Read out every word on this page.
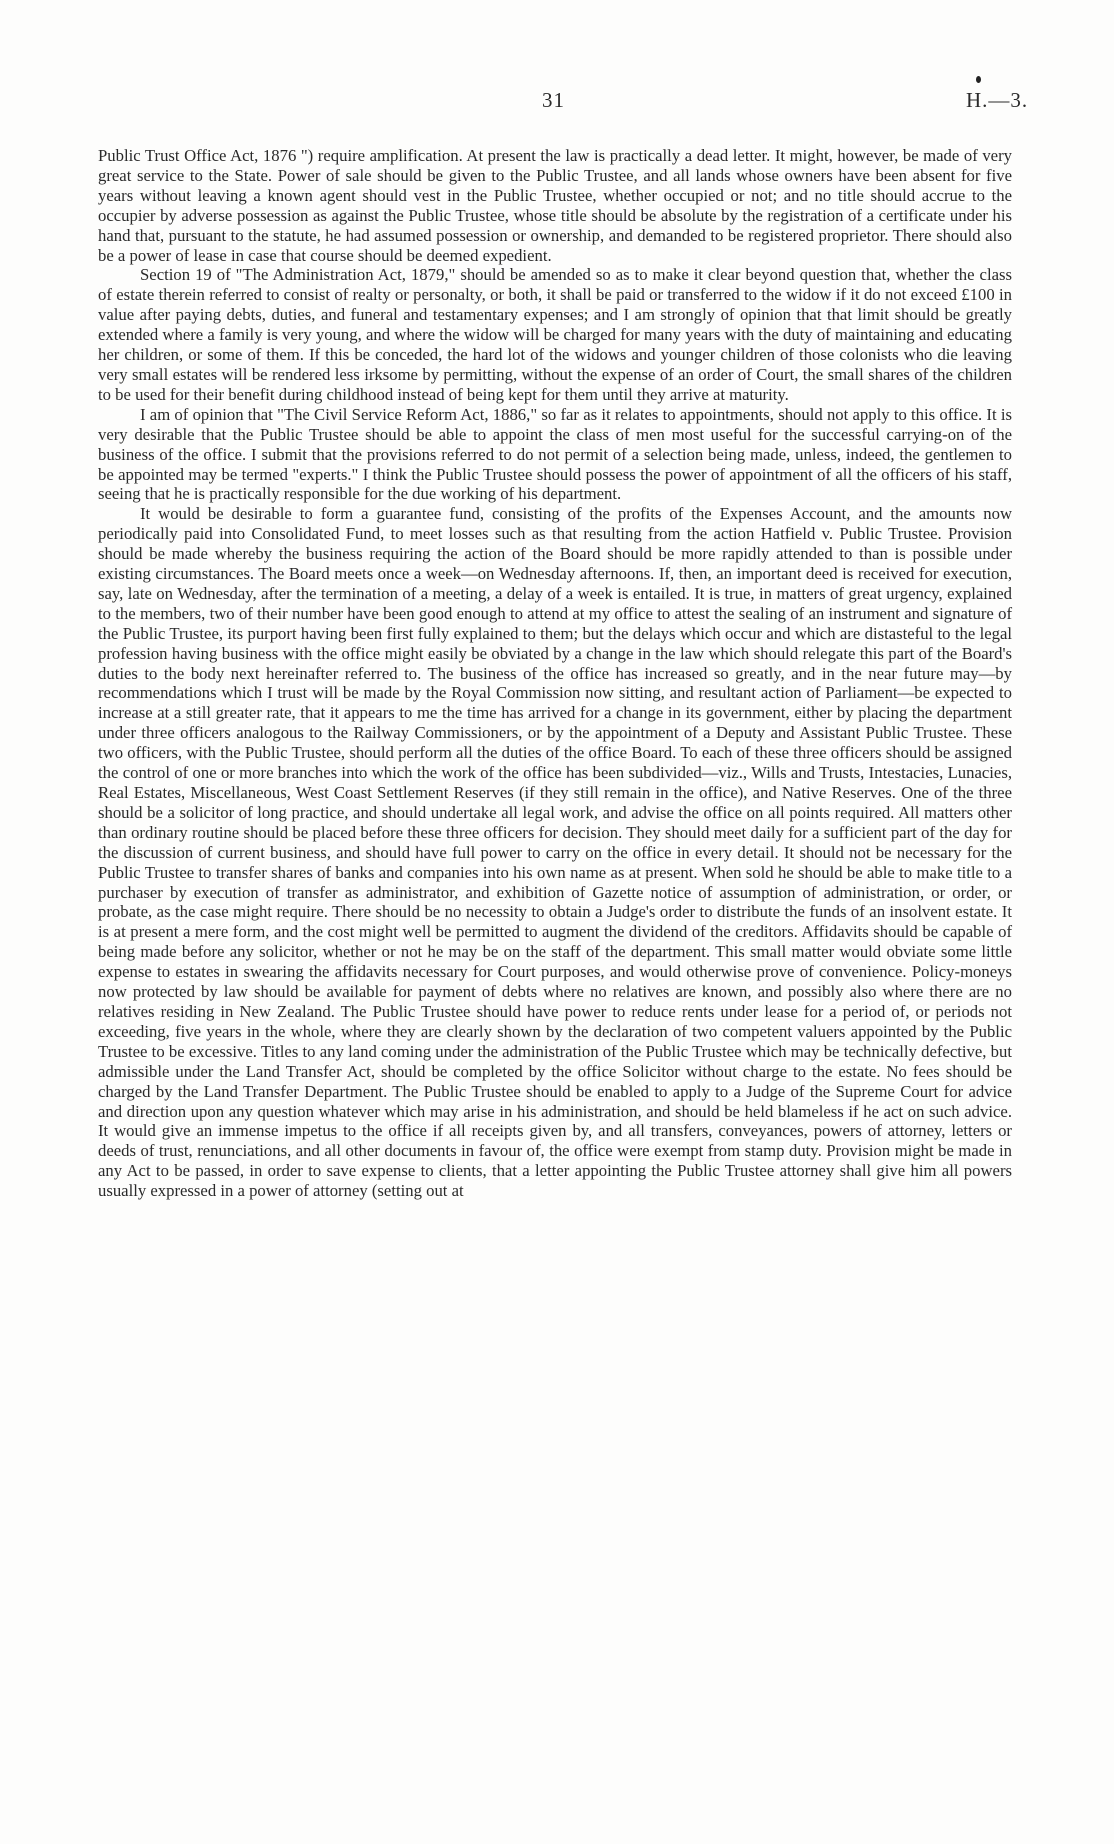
31	H.—3.

Public Trust Office Act, 1876 ") require amplification. At present the law is practically a dead letter. It might, however, be made of very great service to the State. Power of sale should be given to the Public Trustee, and all lands whose owners have been absent for five years without leaving a known agent should vest in the Public Trustee, whether occupied or not; and no title should accrue to the occupier by adverse possession as against the Public Trustee, whose title should be absolute by the registration of a certificate under his hand that, pursuant to the statute, he had assumed possession or ownership, and demanded to be registered proprietor. There should also be a power of lease in case that course should be deemed expedient.

Section 19 of "The Administration Act, 1879," should be amended so as to make it clear beyond question that, whether the class of estate therein referred to consist of realty or personalty, or both, it shall be paid or transferred to the widow if it do not exceed £100 in value after paying debts, duties, and funeral and testamentary expenses; and I am strongly of opinion that that limit should be greatly extended where a family is very young, and where the widow will be charged for many years with the duty of maintaining and educating her children, or some of them. If this be conceded, the hard lot of the widows and younger children of those colonists who die leaving very small estates will be rendered less irksome by permitting, without the expense of an order of Court, the small shares of the children to be used for their benefit during childhood instead of being kept for them until they arrive at maturity.

I am of opinion that "The Civil Service Reform Act, 1886," so far as it relates to appointments, should not apply to this office. It is very desirable that the Public Trustee should be able to appoint the class of men most useful for the successful carrying-on of the business of the office. I submit that the provisions referred to do not permit of a selection being made, unless, indeed, the gentlemen to be appointed may be termed "experts." I think the Public Trustee should possess the power of appointment of all the officers of his staff, seeing that he is practically responsible for the due working of his department.

It would be desirable to form a guarantee fund, consisting of the profits of the Expenses Account, and the amounts now periodically paid into Consolidated Fund, to meet losses such as that resulting from the action Hatfield v. Public Trustee. Provision should be made whereby the business requiring the action of the Board should be more rapidly attended to than is possible under existing circumstances. The Board meets once a week—on Wednesday afternoons. If, then, an important deed is received for execution, say, late on Wednesday, after the termination of a meeting, a delay of a week is entailed. It is true, in matters of great urgency, explained to the members, two of their number have been good enough to attend at my office to attest the sealing of an instrument and signature of the Public Trustee, its purport having been first fully explained to them; but the delays which occur and which are distasteful to the legal profession having business with the office might easily be obviated by a change in the law which should relegate this part of the Board's duties to the body next hereinafter referred to. The business of the office has increased so greatly, and in the near future may—by recommendations which I trust will be made by the Royal Commission now sitting, and resultant action of Parliament—be expected to increase at a still greater rate, that it appears to me the time has arrived for a change in its government, either by placing the department under three officers analogous to the Railway Commissioners, or by the appointment of a Deputy and Assistant Public Trustee. These two officers, with the Public Trustee, should perform all the duties of the office Board. To each of these three officers should be assigned the control of one or more branches into which the work of the office has been subdivided—viz., Wills and Trusts, Intestacies, Lunacies, Real Estates, Miscellaneous, West Coast Settlement Reserves (if they still remain in the office), and Native Reserves. One of the three should be a solicitor of long practice, and should undertake all legal work, and advise the office on all points required. All matters other than ordinary routine should be placed before these three officers for decision. They should meet daily for a sufficient part of the day for the discussion of current business, and should have full power to carry on the office in every detail. It should not be necessary for the Public Trustee to transfer shares of banks and companies into his own name as at present. When sold he should be able to make title to a purchaser by execution of transfer as administrator, and exhibition of Gazette notice of assumption of administration, or order, or probate, as the case might require. There should be no necessity to obtain a Judge's order to distribute the funds of an insolvent estate. It is at present a mere form, and the cost might well be permitted to augment the dividend of the creditors. Affidavits should be capable of being made before any solicitor, whether or not he may be on the staff of the department. This small matter would obviate some little expense to estates in swearing the affidavits necessary for Court purposes, and would otherwise prove of convenience. Policy-moneys now protected by law should be available for payment of debts where no relatives are known, and possibly also where there are no relatives residing in New Zealand. The Public Trustee should have power to reduce rents under lease for a period of, or periods not exceeding, five years in the whole, where they are clearly shown by the declaration of two competent valuers appointed by the Public Trustee to be excessive. Titles to any land coming under the administration of the Public Trustee which may be technically defective, but admissible under the Land Transfer Act, should be completed by the office Solicitor without charge to the estate. No fees should be charged by the Land Transfer Department. The Public Trustee should be enabled to apply to a Judge of the Supreme Court for advice and direction upon any question whatever which may arise in his administration, and should be held blameless if he act on such advice. It would give an immense impetus to the office if all receipts given by, and all transfers, conveyances, powers of attorney, letters or deeds of trust, renunciations, and all other documents in favour of, the office were exempt from stamp duty. Provision might be made in any Act to be passed, in order to save expense to clients, that a letter appointing the Public Trustee attorney shall give him all powers usually expressed in a power of attorney (setting out at
